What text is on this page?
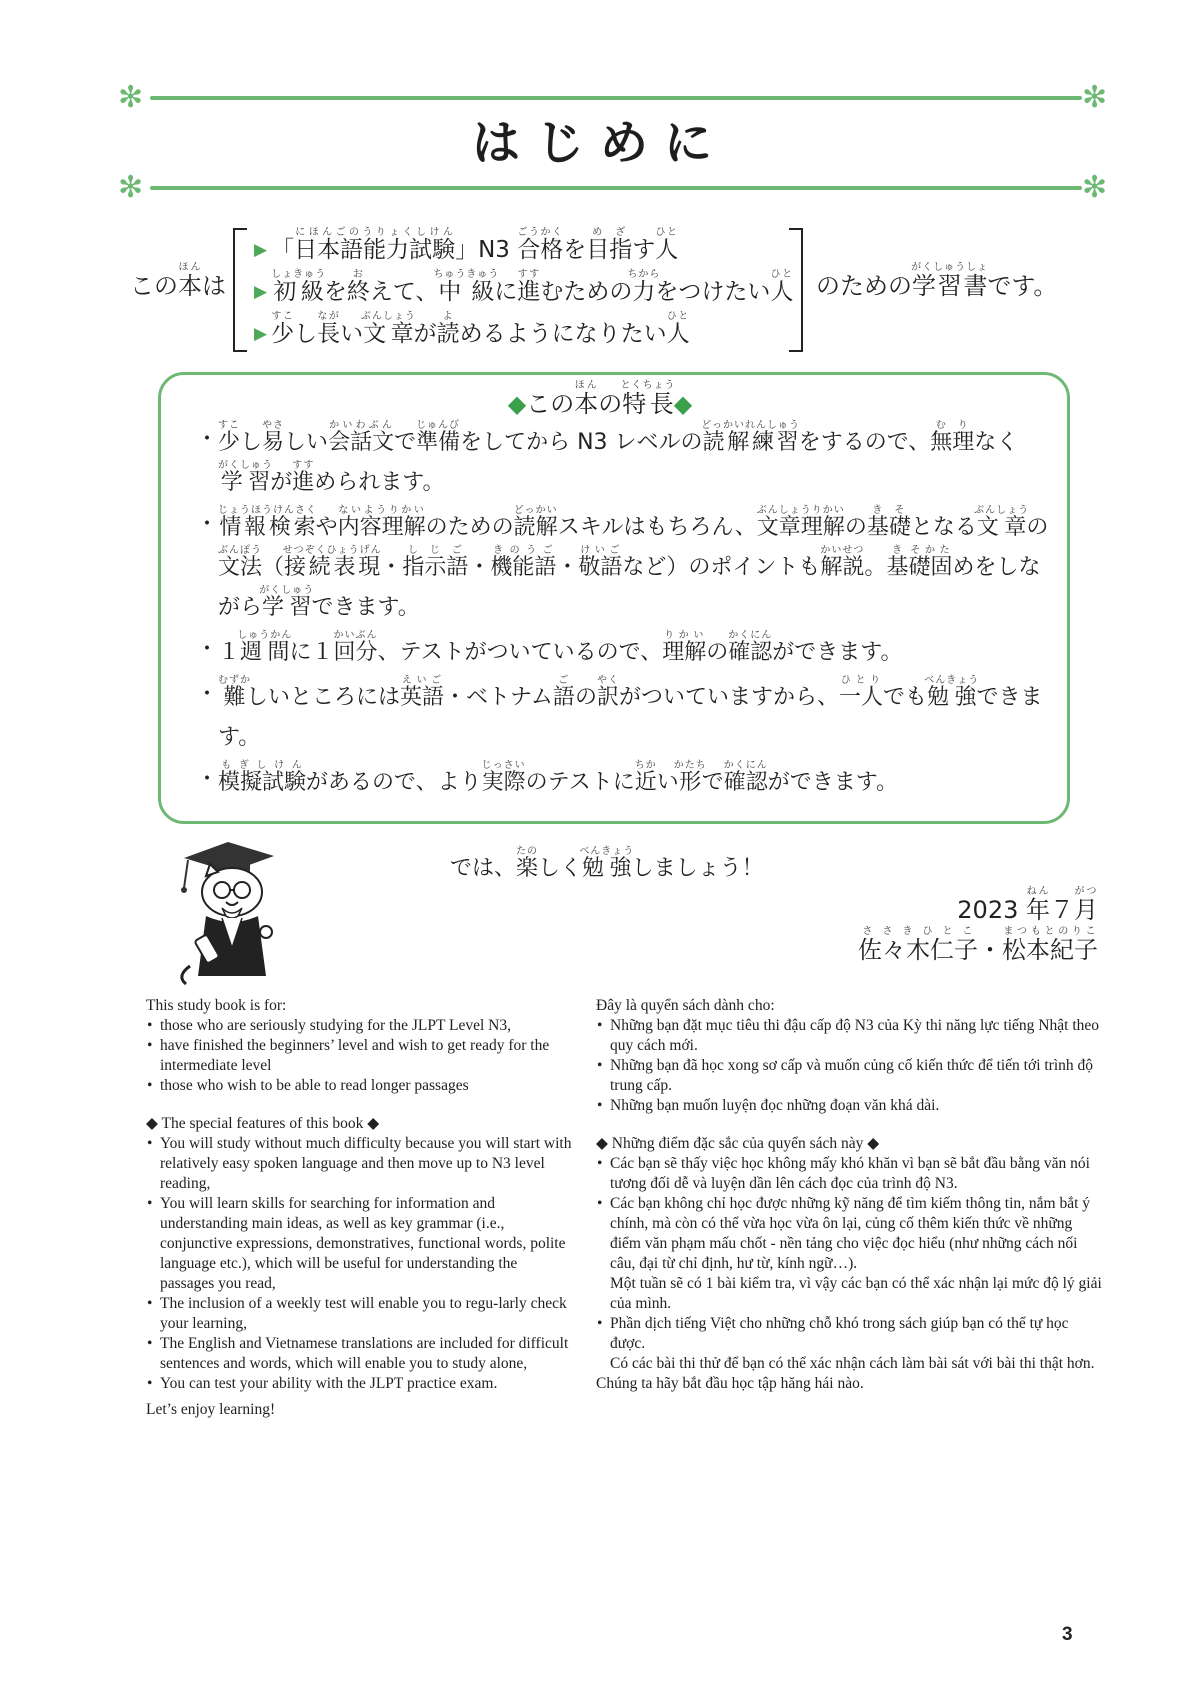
✻	✻
はじめに
✻	✻
この本ほんは
▶ 「日本語能力試験にほんごのうりょくしけん」N3 合格ごうかくを目指めざす人ひと
▶ 初級しょきゅうを終おえて、中級ちゅうきゅうに進すすむための力ちからをつけたい人ひと
▶ 少すこし長ながい文章ぶんしょうが読よめるようになりたい人ひと
のための学習書がくしゅうしょです。
◆この本ほんの特長とくちょう◆
・ 少すこし易やさしい会話文かいわぶんで準備じゅんびをしてから N3 レベルの読解練習どっかいれんしゅうをするので、無理むりなく学習がくしゅうが進すすめられます。
・ 情報検索じょうほうけんさくや内容理解ないようりかいのための読解どっかいスキルはもちろん、文章理解ぶんしょうりかいの基礎きそとなる文章ぶんしょうの文法ぶんぽう（接続表現せつぞくひょうげん・指示語しじご・機能語きのうご・敬語けいごなど）のポイントも解説かいせつ。基き礎固そかためをしながら学習がくしゅうできます。
・ １週間しゅうかんに１回分かいぶん、テストがついているので、理解りかいの確認かくにんができます。
・ 難むずかしいところには英語えいご・ベトナム語ごの訳やくがついていますから、一人ひとりでも勉強べんきょうできます。
・ 模擬試験もぎしけんがあるので、より実際じっさいのテストに近ちかい形かたちで確認かくにんができます。
では、楽たのしく勉強べんきょうしましょう！
2023 年ねん７月がつ
佐々木仁子ささきひとこ・松本紀子まつもとのりこ

This study book is for:

• those who are seriously studying for the JLPT Level N3,
• have finished the beginners’ level and wish to get ready for the intermediate level
• those who wish to be able to read longer passages

◆ The special features of this book ◆

• You will study without much difficulty because you will start with relatively easy spoken language and then move up to N3 level reading,
• You will learn skills for searching for information and understanding main ideas, as well as key grammar (i.e., conjunctive expressions, demonstratives, functional words, polite language etc.), which will be useful for understanding the passages you read,
• The inclusion of a weekly test will enable you to regu-larly check your learning,
• The English and Vietnamese translations are included for difficult sentences and words, which will enable you to study alone,
• You can test your ability with the JLPT practice exam.

Let’s enjoy learning!

Đây là quyển sách dành cho:

• Những bạn đặt mục tiêu thi đậu cấp độ N3 của Kỳ thi năng lực tiếng Nhật theo quy cách mới.
• Những bạn đã học xong sơ cấp và muốn củng cố kiến thức để tiến tới trình độ trung cấp.
• Những bạn muốn luyện đọc những đoạn văn khá dài.

◆ Những điểm đặc sắc của quyển sách này ◆

• Các bạn sẽ thấy việc học không mấy khó khăn vì bạn sẽ bắt đầu bằng văn nói tương đối dễ và luyện dần lên cách đọc của trình độ N3.
• Các bạn không chỉ học được những kỹ năng để tìm kiếm thông tin, nắm bắt ý chính, mà còn có thể vừa học vừa ôn lại, củng cố thêm kiến thức về những điểm văn phạm mấu chốt - nền tảng cho việc đọc hiểu (như những cách nối câu, đại từ chỉ định, hư từ, kính ngữ…).

Một tuần sẽ có 1 bài kiểm tra, vì vậy các bạn có thể xác nhận lại mức độ lý giải của mình.

• Phần dịch tiếng Việt cho những chỗ khó trong sách giúp bạn có thể tự học được.

Có các bài thi thử để bạn có thể xác nhận cách làm bài sát với bài thi thật hơn.

Chúng ta hãy bắt đầu học tập hăng hái nào.

3
